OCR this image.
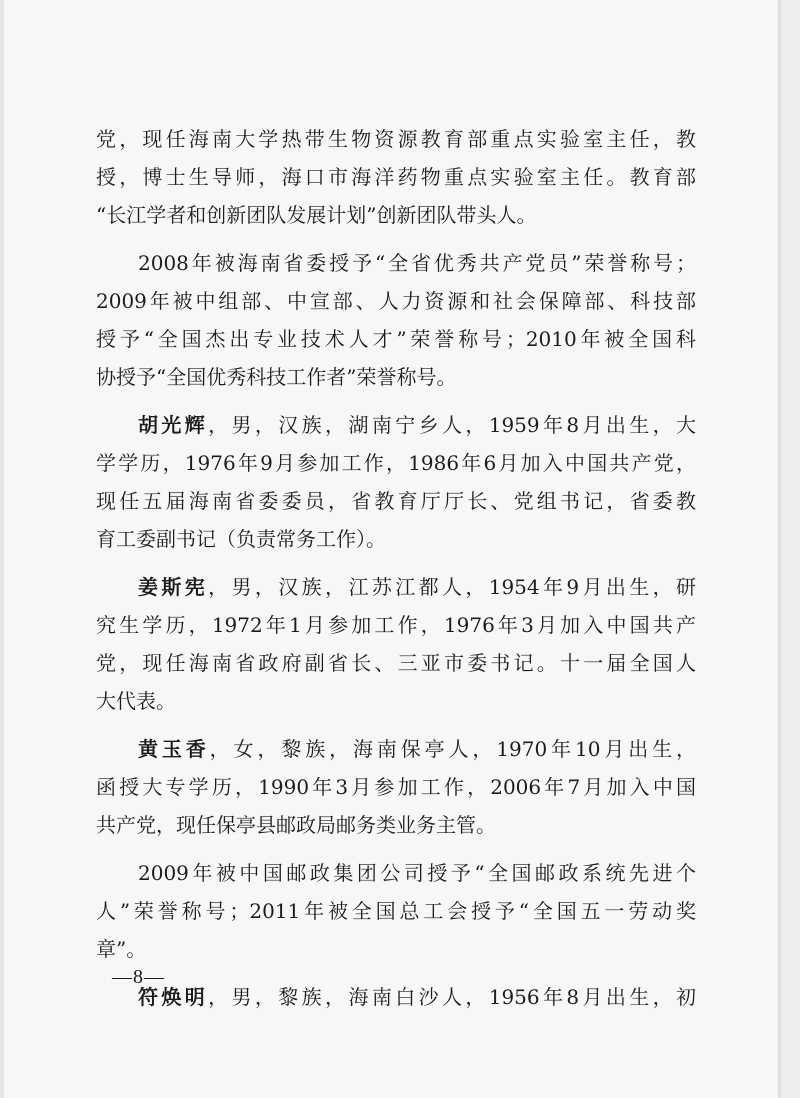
党，现任海南大学热带生物资源教育部重点实验室主任，教
授，博士生导师，海口市海洋药物重点实验室主任。教育部
“长江学者和创新团队发展计划”创新团队带头人。
2008年被海南省委授予“全省优秀共产党员”荣誉称号；
2009年被中组部、中宣部、人力资源和社会保障部、科技部
授予“全国杰出专业技术人才”荣誉称号；2010年被全国科
协授予“全国优秀科技工作者”荣誉称号。
胡光辉，男，汉族，湖南宁乡人，1959年8月出生，大
学学历，1976年9月参加工作，1986年6月加入中国共产党，
现任五届海南省委委员，省教育厅厅长、党组书记，省委教
育工委副书记（负责常务工作）。
姜斯宪，男，汉族，江苏江都人，1954年9月出生，研
究生学历，1972年1月参加工作，1976年3月加入中国共产
党，现任海南省政府副省长、三亚市委书记。十一届全国人
大代表。
黄玉香，女，黎族，海南保亭人，1970年10月出生，
函授大专学历，1990年3月参加工作，2006年7月加入中国
共产党，现任保亭县邮政局邮务类业务主管。
2009年被中国邮政集团公司授予“全国邮政系统先进个
人”荣誉称号；2011年被全国总工会授予“全国五一劳动奖
章”。
符焕明，男，黎族，海南白沙人，1956年8月出生，初
—8—
